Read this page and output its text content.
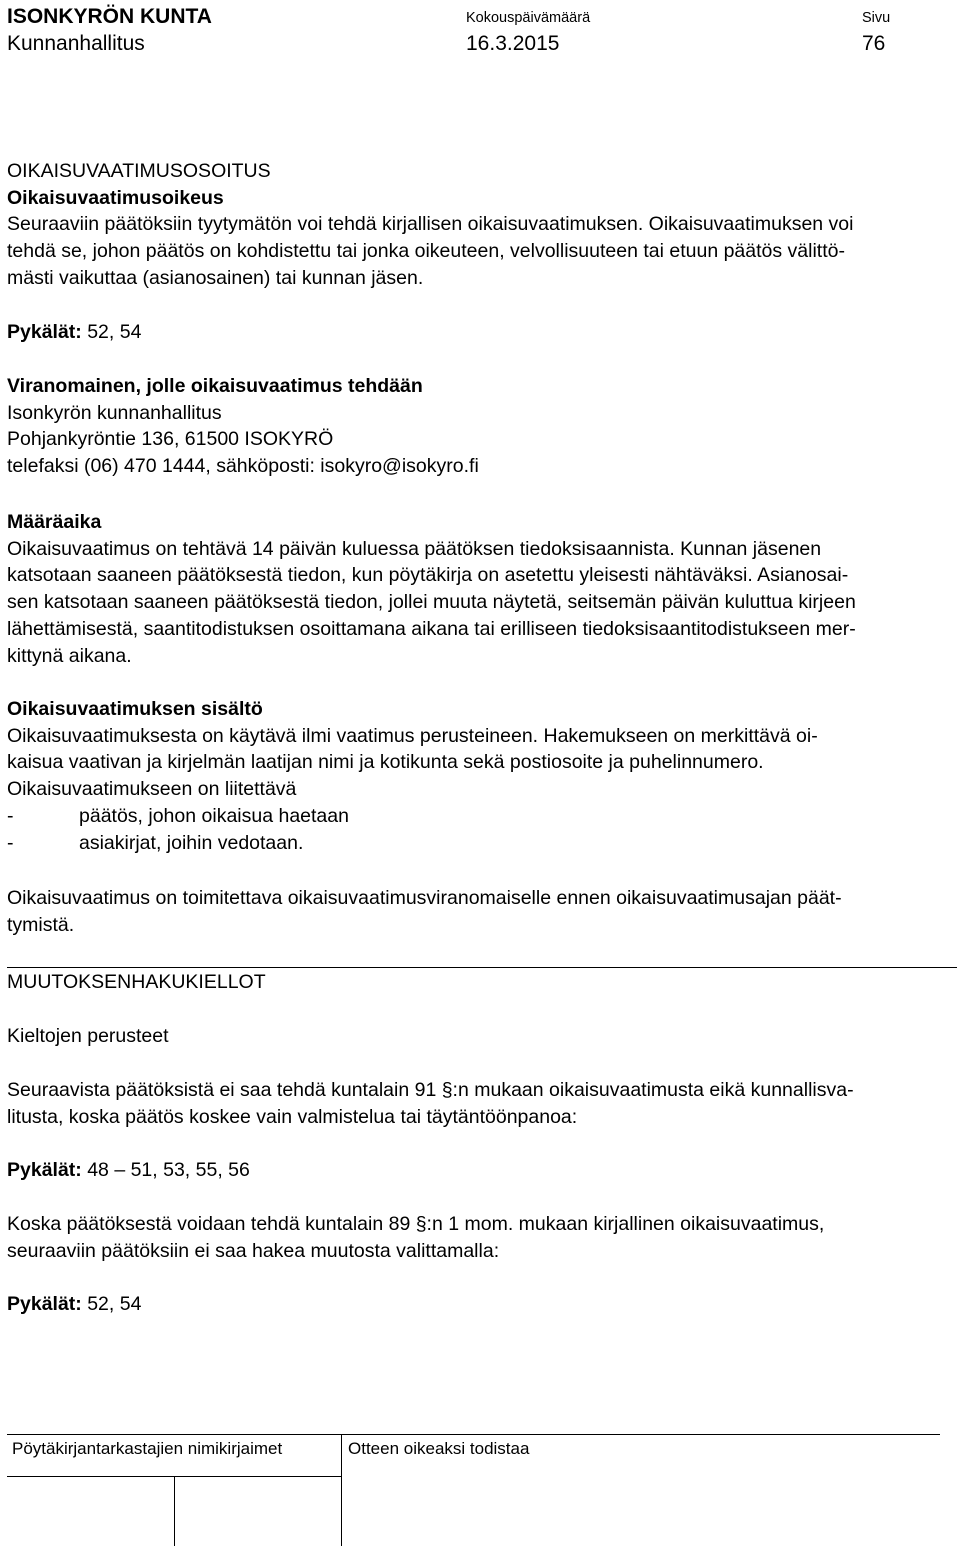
ISONKYRÖN KUNTA
Kunnanhallitus
Kokouspäivämäärä
16.3.2015
Sivu
76
OIKAISUVAATIMUSOSOITUS
Oikaisuvaatimusoikeus
Seuraaviin päätöksiin tyytymätön voi tehdä kirjallisen oikaisuvaatimuksen. Oikaisuvaatimuksen voi
tehdä se, johon päätös on kohdistettu tai jonka oikeuteen, velvollisuuteen tai etuun päätös välittö-
mästi vaikuttaa (asianosainen) tai kunnan jäsen.
Pykälät: 52, 54
Viranomainen, jolle oikaisuvaatimus tehdään
Isonkyrön kunnanhallitus
Pohjankyröntie 136, 61500 ISOKYRÖ
telefaksi (06) 470 1444, sähköposti: isokyro@isokyro.fi
Määräaika
Oikaisuvaatimus on tehtävä 14 päivän kuluessa päätöksen tiedoksisaannista. Kunnan jäsenen
katsotaan saaneen päätöksestä tiedon, kun pöytäkirja on asetettu yleisesti nähtäväksi. Asianosai-
sen katsotaan saaneen päätöksestä tiedon, jollei muuta näytetä, seitsemän päivän kuluttua kirjeen
lähettämisestä, saantitodistuksen osoittamana aikana tai erilliseen tiedoksisaantitodistukseen mer-
kittynä aikana.
Oikaisuvaatimuksen sisältö
Oikaisuvaatimuksesta on käytävä ilmi vaatimus perusteineen. Hakemukseen on merkittävä oi-
kaisua vaativan ja kirjelmän laatijan nimi ja kotikunta sekä postiosoite ja puhelinnumero.
Oikaisuvaatimukseen on liitettävä
-	päätös, johon oikaisua haetaan
-	asiakirjat, joihin vedotaan.
Oikaisuvaatimus on toimitettava oikaisuvaatimusviranomaiselle ennen oikaisuvaatimusajan päät-
tymistä.
MUUTOKSENHAKUKIELLOT
Kieltojen perusteet
Seuraavista päätöksistä ei saa tehdä kuntalain 91 §:n mukaan oikaisuvaatimusta eikä kunnallisva-
litusta, koska päätös koskee vain valmistelua tai täytäntöönpanoa:
Pykälät: 48 – 51, 53, 55, 56
Koska päätöksestä voidaan tehdä kuntalain 89 §:n 1 mom. mukaan kirjallinen oikaisuvaatimus,
seuraaviin päätöksiin ei saa hakea muutosta valittamalla:
Pykälät: 52, 54
Pöytäkirjantarkastajien nimikirjaimet	Otteen oikeaksi todistaa
